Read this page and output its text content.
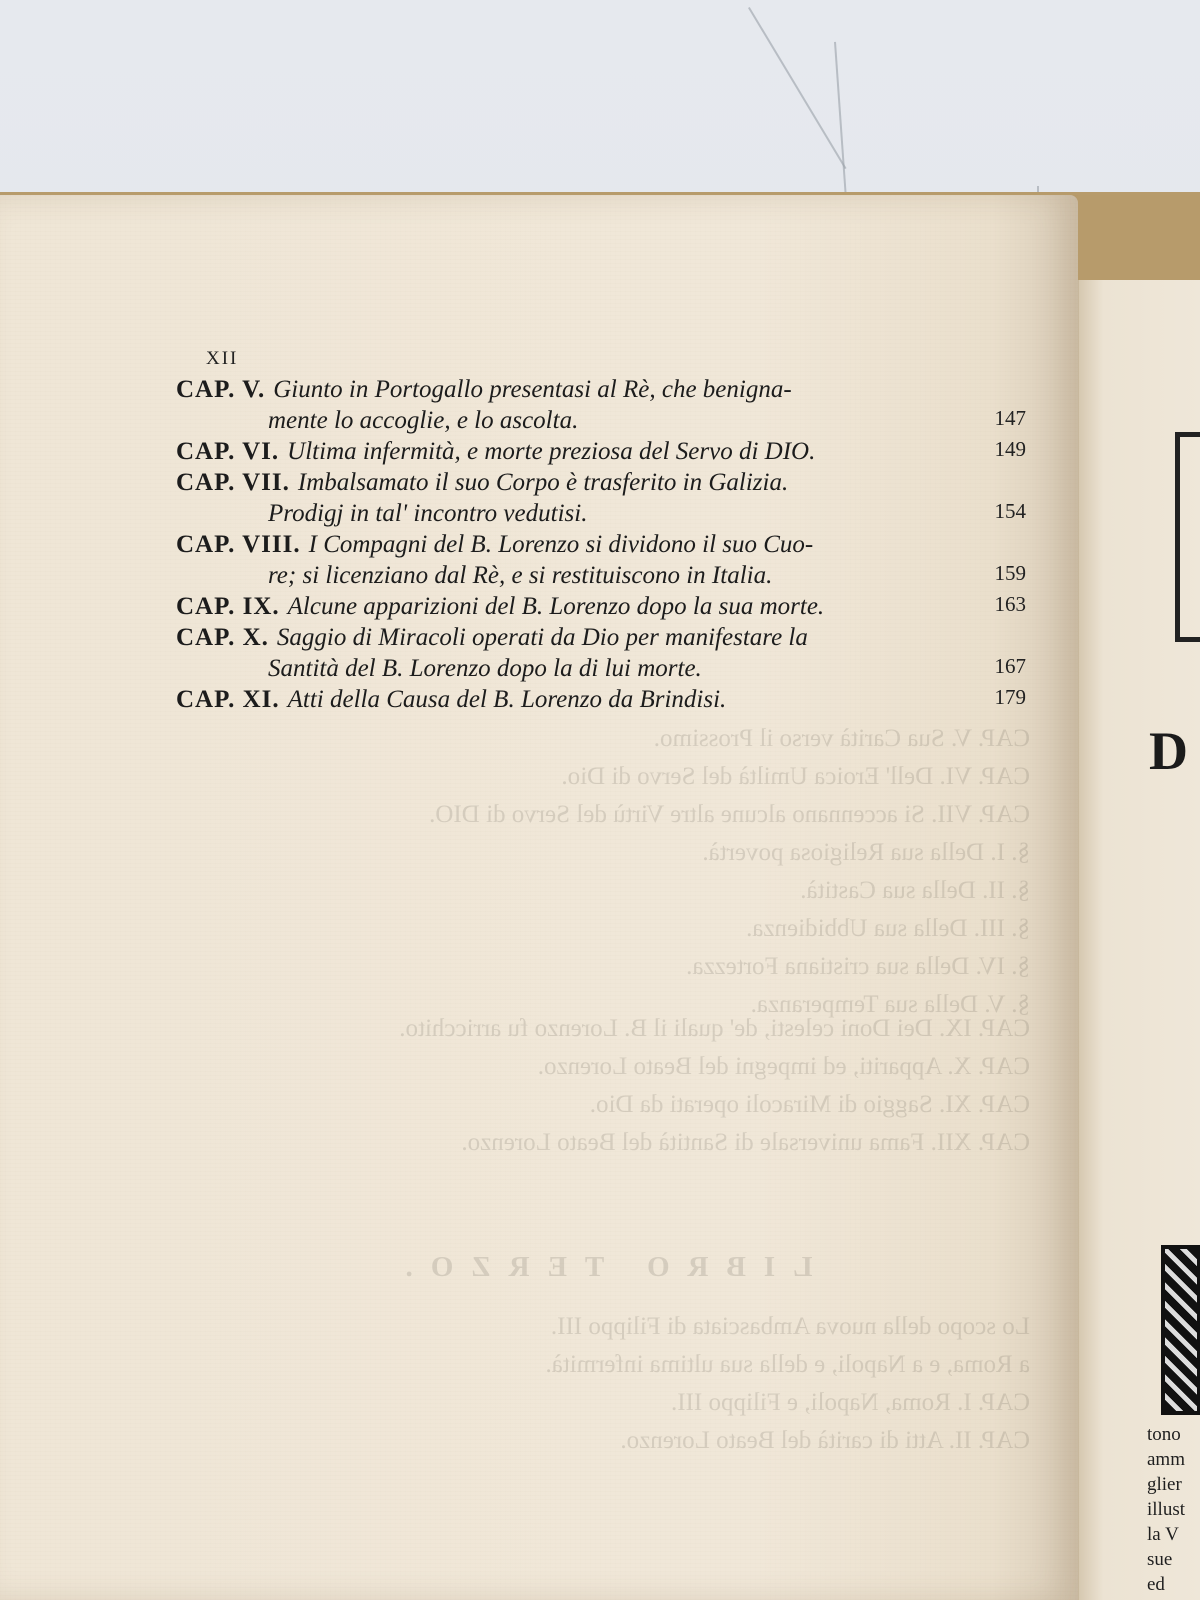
D
tono
amm
glier
illust
la V
sue
ed
XII

CAP. V. Giunto in Portogallo presentasi al Rè, che benigna-
mente lo accoglie, e lo ascolta.	147

CAP. VI. Ultima infermità, e morte preziosa del Servo di DIO.	149

CAP. VII. Imbalsamato il suo Corpo è trasferito in Galizia.
Prodigj in tal' incontro vedutisi.	154

CAP. VIII. I Compagni del B. Lorenzo si dividono il suo Cuo-
re; si licenziano dal Rè, e si restituiscono in Italia.	159

CAP. IX. Alcune apparizioni del B. Lorenzo dopo la sua morte.	163

CAP. X. Saggio di Miracoli operati da Dio per manifestare la
Santità del B. Lorenzo dopo la di lui morte.	167

CAP. XI. Atti della Causa del B. Lorenzo da Brindisi.	179

CAP. V. Sua Carità verso il Prossimo.
CAP. VI. Dell' Eroica Umiltà del Servo di Dio.
CAP. VII. Si accennano alcune altre Virtù del Servo di DIO.
§. I. Della sua Religiosa povertà.
§. II. Della sua Castità.
§. III. Della sua Ubbidienza.
§. IV. Della sua cristiana Fortezza.
§. V. Della sua Temperanza.
CAP. IX. Dei Doni celesti, de' quali il B. Lorenzo fu arricchito.
CAP. X. Appariti, ed impegni del Beato Lorenzo.
CAP. XI. Saggio di Miracoli operati da Dio.
CAP. XII. Fama universale di Santità del Beato Lorenzo.
LIBRO TERZO.
Lo scopo della nuova Ambasciata di Filippo III.
a Roma, e a Napoli, e della sua ultima infermità.
CAP. I. Roma, Napoli, e Filippo III.
CAP. II. Atti di carità del Beato Lorenzo.
